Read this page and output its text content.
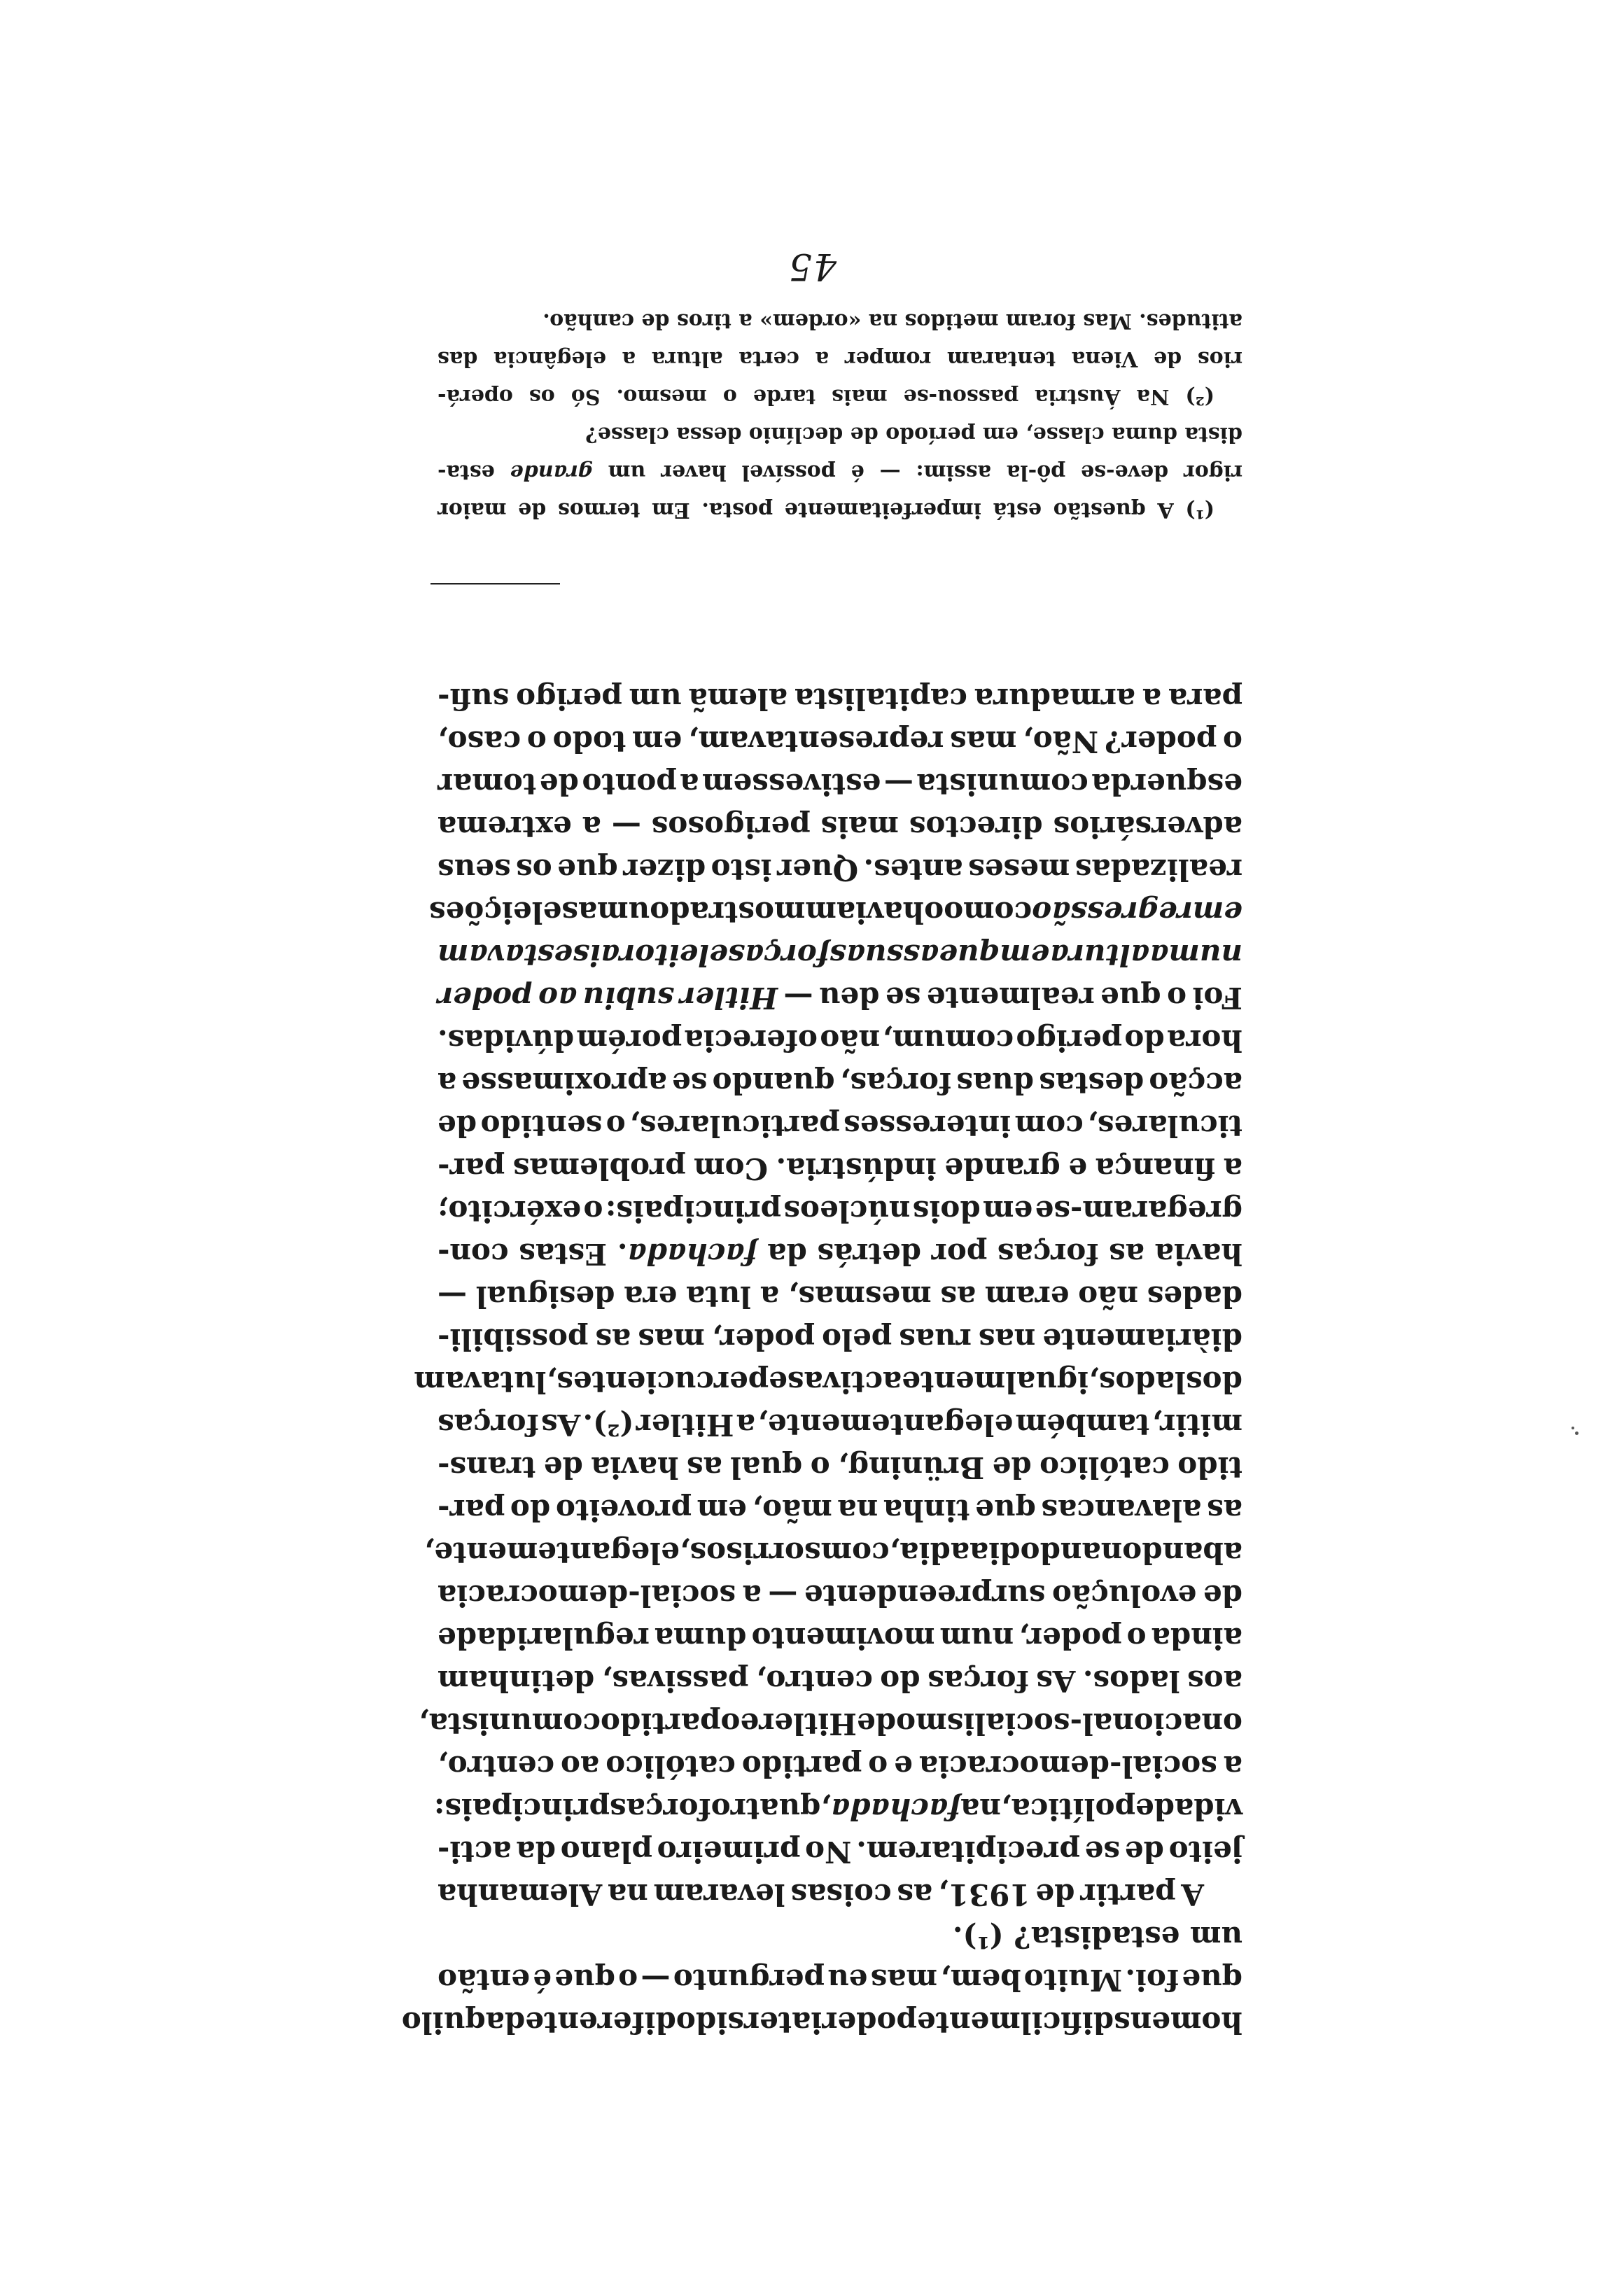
homens
dificilmente
poderia
ter
sido
diferente
daquilo
que
foi.
Muito
bem,
mas
eu
pergunto
—
o
que
é
então
um estadista? (¹).
A
partir
de
1931,
as
coisas
levaram
na
Alemanha
jeito
de
se
precipitarem.
No
primeiro
plano
da
acti-
vidade
política,
na
fachada,
quatro
forças
principais:
a
social-democracia
e
o
partido
católico
ao
centro,
o
nacional-socialismo
de
Hitler
e
o
partido
comunista,
aos
lados.
As
forças
do
centro,
passivas,
detinham
ainda
o
poder,
num
movimento
duma
regularidade
de
evolução
surpreendente
—
a
social-democracia
abandonando
dia
a
dia,
com
sorrisos,
elegantemente,
as
alavancas
que
tinha
na
mão,
em
proveito
do
par-
tido
católico
de
Brüning,
o
qual
as
havia
de
trans-
mitir,
também
elegantemente,
a
Hitler
(²).
As
forças
dos
lados,
igualmente
activas
e
percucientes,
lutavam
diàriamente
nas
ruas
pelo
poder,
mas
as
possibili-
dades
não
eram
as
mesmas,
a
luta
era
desigual
—
havia
as
forças
por
detrás
da
fachada.
Estas
con-
gregaram-se
em
dois
núcleos
principais:
o
exército;
a
finança
e
grande
indústria.
Com
problemas
par-
ticulares,
com
interesses
particulares,
o
sentido
de
acção
destas
duas
forças,
quando
se
aproximasse
a
hora
do
perigo
comum,
não
oferecia
porém
dúvidas.
Foi
o
que
realmente
se
deu
—
Hitler
subiu
ao
poder
numa
altura
em
que
as
suas
forças
eleitorais
estavam
em
regressão
como
o
haviam
mostrado
umas
eleições
realizadas
meses
antes.
Quer
isto
dizer
que
os
seus
adversários
directos
mais
perigosos
—
a
extrema
esquerda
comunista
—
estivessem
a
ponto
de
tomar
o
poder?
Não,
mas
representavam,
em
todo
o
caso,
para
a
armadura
capitalista
alemã
um
perigo
sufi-
(¹)
A
questão
está
imperfeitamente
posta.
Em
termos
de
maior
rigor
deve-se
pô-la
assim:
—
é
possível
haver
um
grande
esta-
dista duma classe, em período de declínio dessa classe?
(²)
Na
Áustria
passou-se
mais
tarde
o
mesmo.
Só
os
operá-
rios
de
Viena
tentaram
romper
a
certa
altura
a
elegância
das
atitudes. Mas foram metidos na «ordem» a tiros de canhão.
45
